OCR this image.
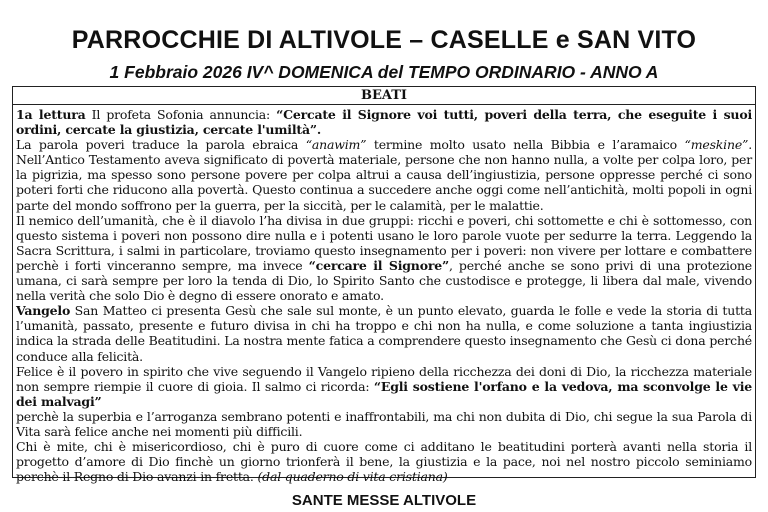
PARROCCHIE DI ALTIVOLE – CASELLE e SAN VITO
1 Febbraio 2026 IV^ DOMENICA del TEMPO ORDINARIO - ANNO A
BEATI

1a lettura Il profeta Sofonia annuncia: “Cercate il Signore voi tutti, poveri della terra, che eseguite i suoi ordini, cercate la giustizia, cercate l'umiltà”.

La parola poveri traduce la parola ebraica “anawim” termine molto usato nella Bibbia e l’aramaico “meskine”. Nell’Antico Testamento aveva significato di povertà materiale, persone che non hanno nulla, a volte per colpa loro, per la pigrizia, ma spesso sono persone povere per colpa altrui a causa dell’ingiustizia, persone oppresse perché ci sono poteri forti che riducono alla povertà. Questo continua a succedere anche oggi come nell’antichità, molti popoli in ogni parte del mondo soffrono per la guerra, per la siccità, per le calamità, per le malattie.

Il nemico dell’umanità, che è il diavolo l’ha divisa in due gruppi: ricchi e poveri, chi sottomette e chi è sottomesso, con questo sistema i poveri non possono dire nulla e i potenti usano le loro parole vuote per sedurre la terra. Leggendo la Sacra Scrittura, i salmi in particolare, troviamo questo insegnamento per i poveri: non vivere per lottare e combattere perchè i forti vinceranno sempre, ma invece “cercare il Signore”, perché anche se sono privi di una protezione umana, ci sarà sempre per loro la tenda di Dio, lo Spirito Santo che custodisce e protegge, li libera dal male, vivendo nella verità che solo Dio è degno di essere onorato e amato.

Vangelo San Matteo ci presenta Gesù che sale sul monte, è un punto elevato, guarda le folle e vede la storia di tutta l’umanità, passato, presente e futuro divisa in chi ha troppo e chi non ha nulla, e come soluzione a tanta ingiustizia indica la strada delle Beatitudini. La nostra mente fatica a comprendere questo insegnamento che Gesù ci dona perché conduce alla felicità.

Felice è il povero in spirito che vive seguendo il Vangelo ripieno della ricchezza dei doni di Dio, la ricchezza materiale non sempre riempie il cuore di gioia. Il salmo ci ricorda: “Egli sostiene l'orfano e la vedova, ma sconvolge le vie dei malvagi”

perchè la superbia e l’arroganza sembrano potenti e inaffrontabili, ma chi non dubita di Dio, chi segue la sua Parola di Vita sarà felice anche nei momenti più difficili.

Chi è mite, chi è misericordioso, chi è puro di cuore come ci additano le beatitudini porterà avanti nella storia il progetto d’amore di Dio finchè un giorno trionferà il bene, la giustizia e la pace, noi nel nostro piccolo seminiamo perchè il Regno di Dio avanzi in fretta. (dal quaderno di vita cristiana)

SANTE MESSE ALTIVOLE
